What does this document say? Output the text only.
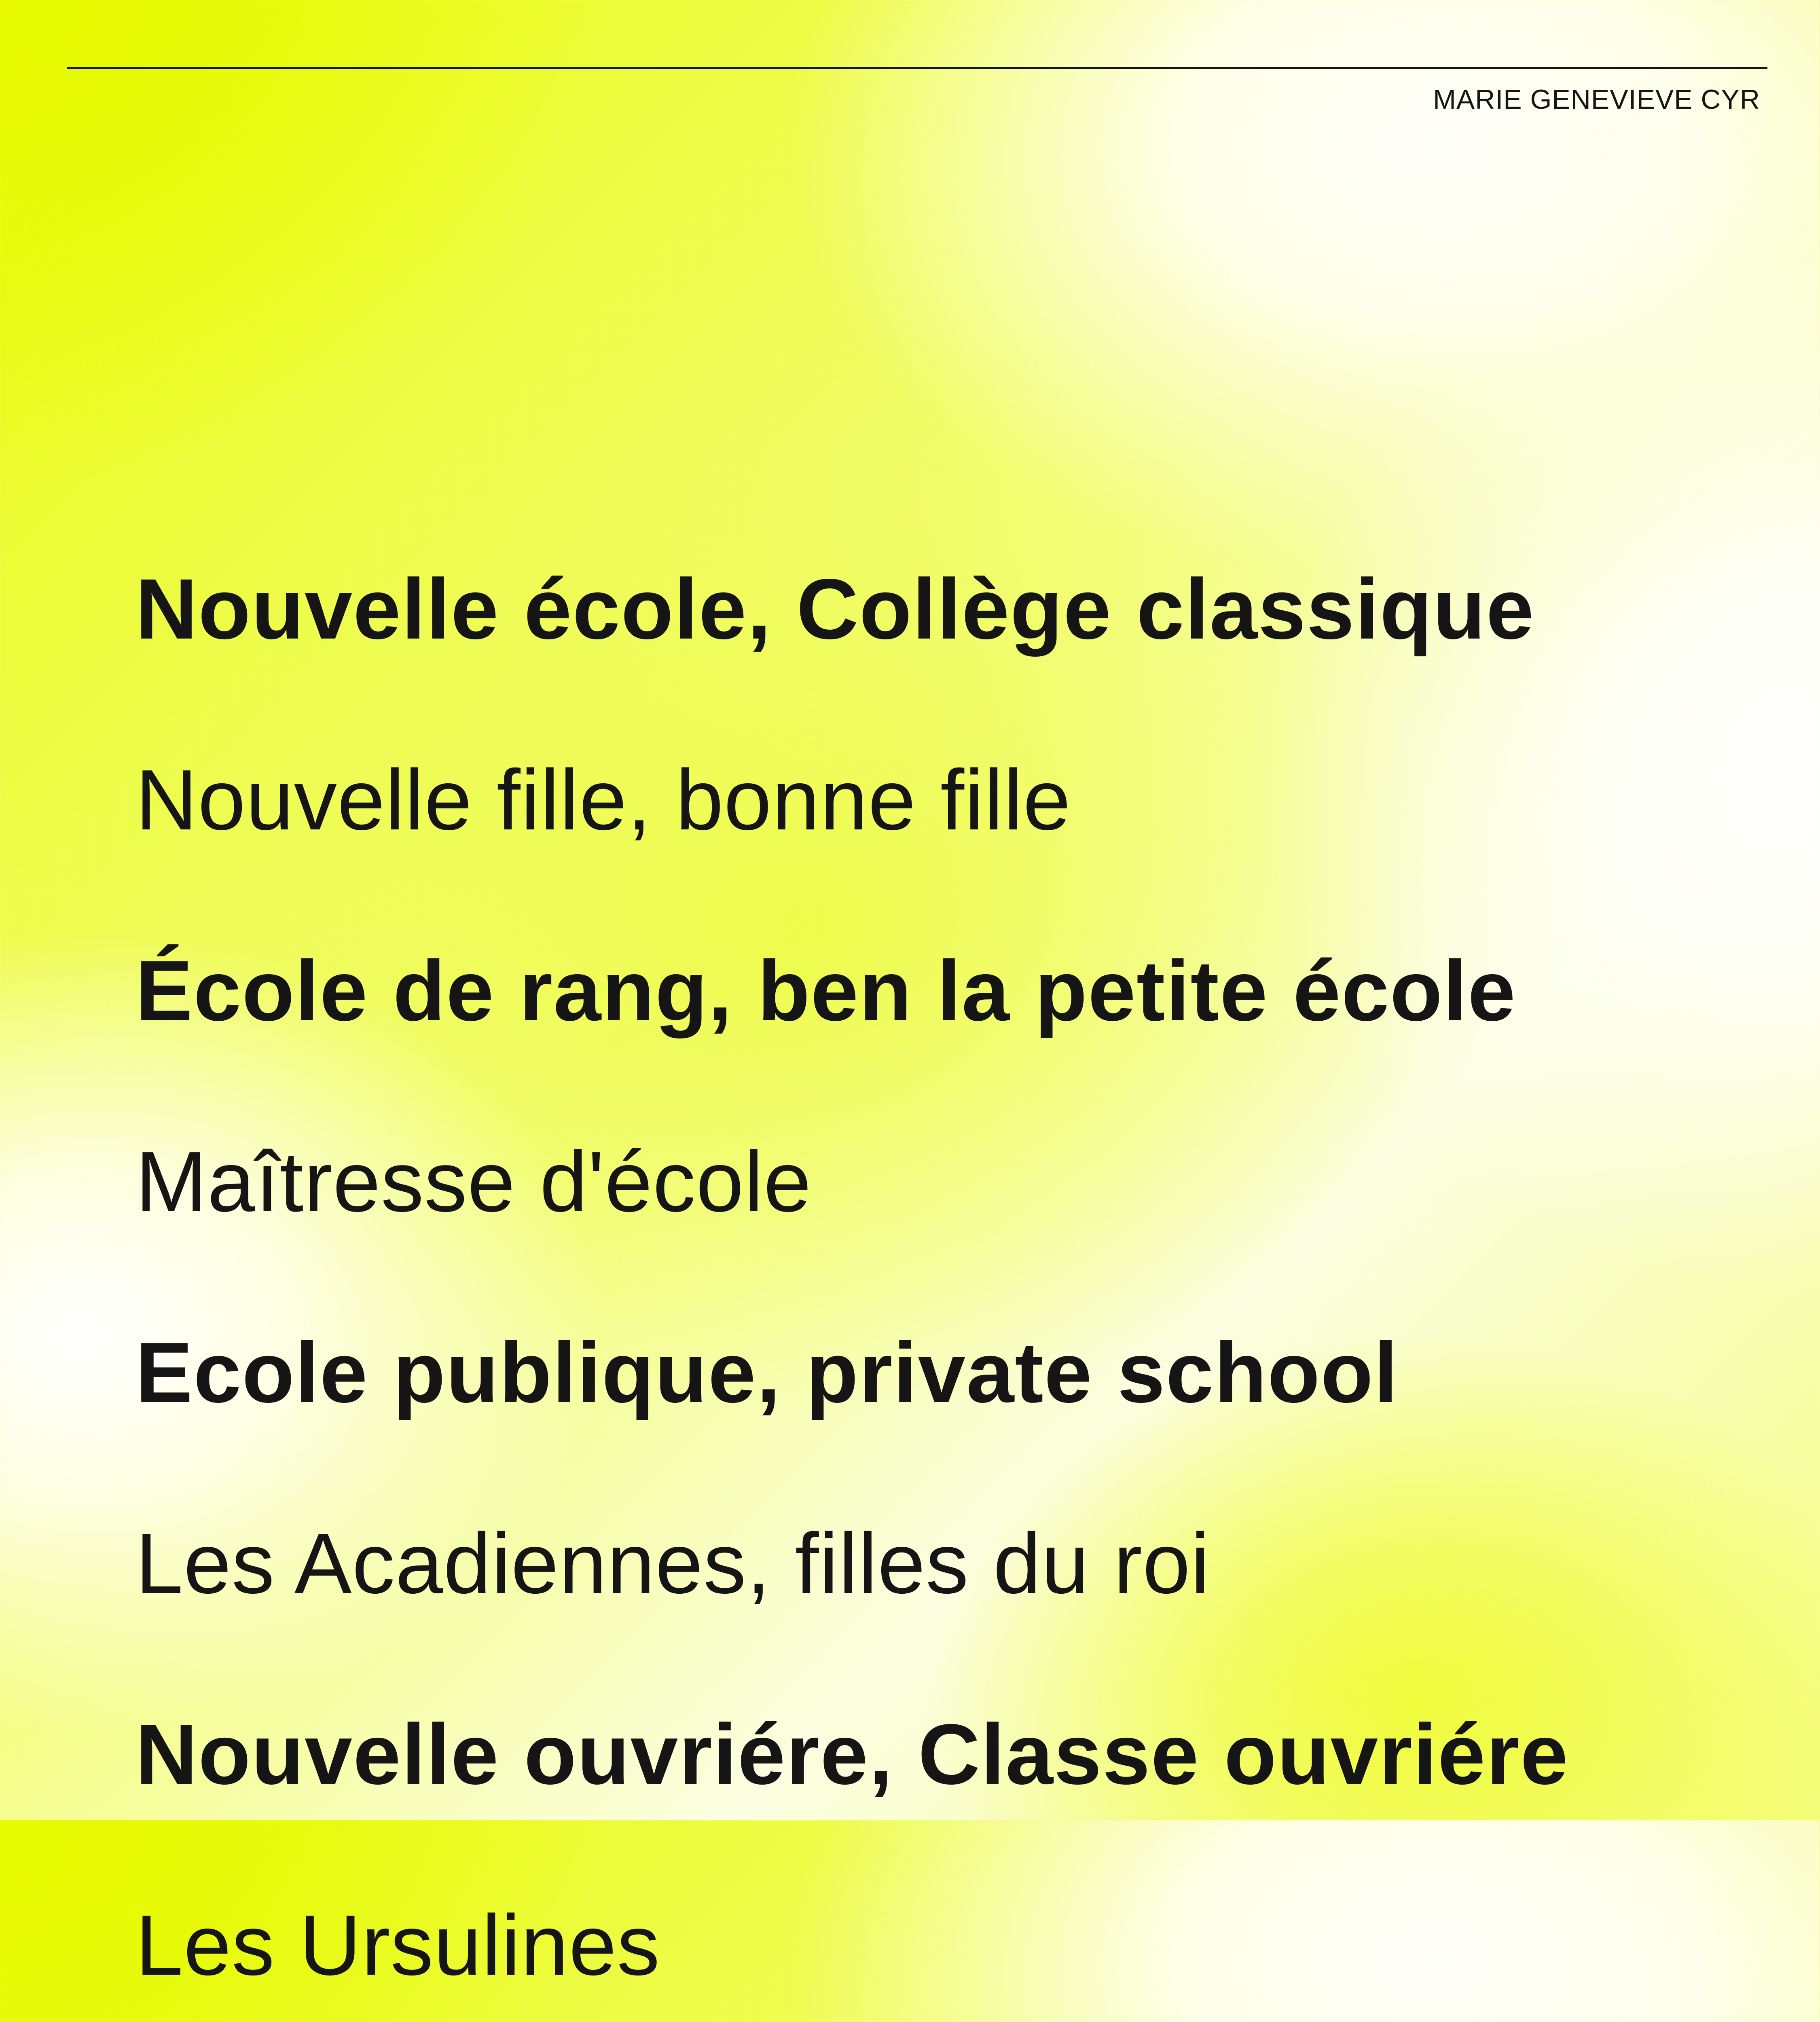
MARIE GENEVIEVE CYR
Nouvelle école, Collège classique
Nouvelle fille, bonne fille
École de rang, ben la petite école
Maîtresse d'école
Ecole publique, private school
Les Acadiennes, filles du roi
Nouvelle ouvriére, Classe ouvriére
Les Ursulines
